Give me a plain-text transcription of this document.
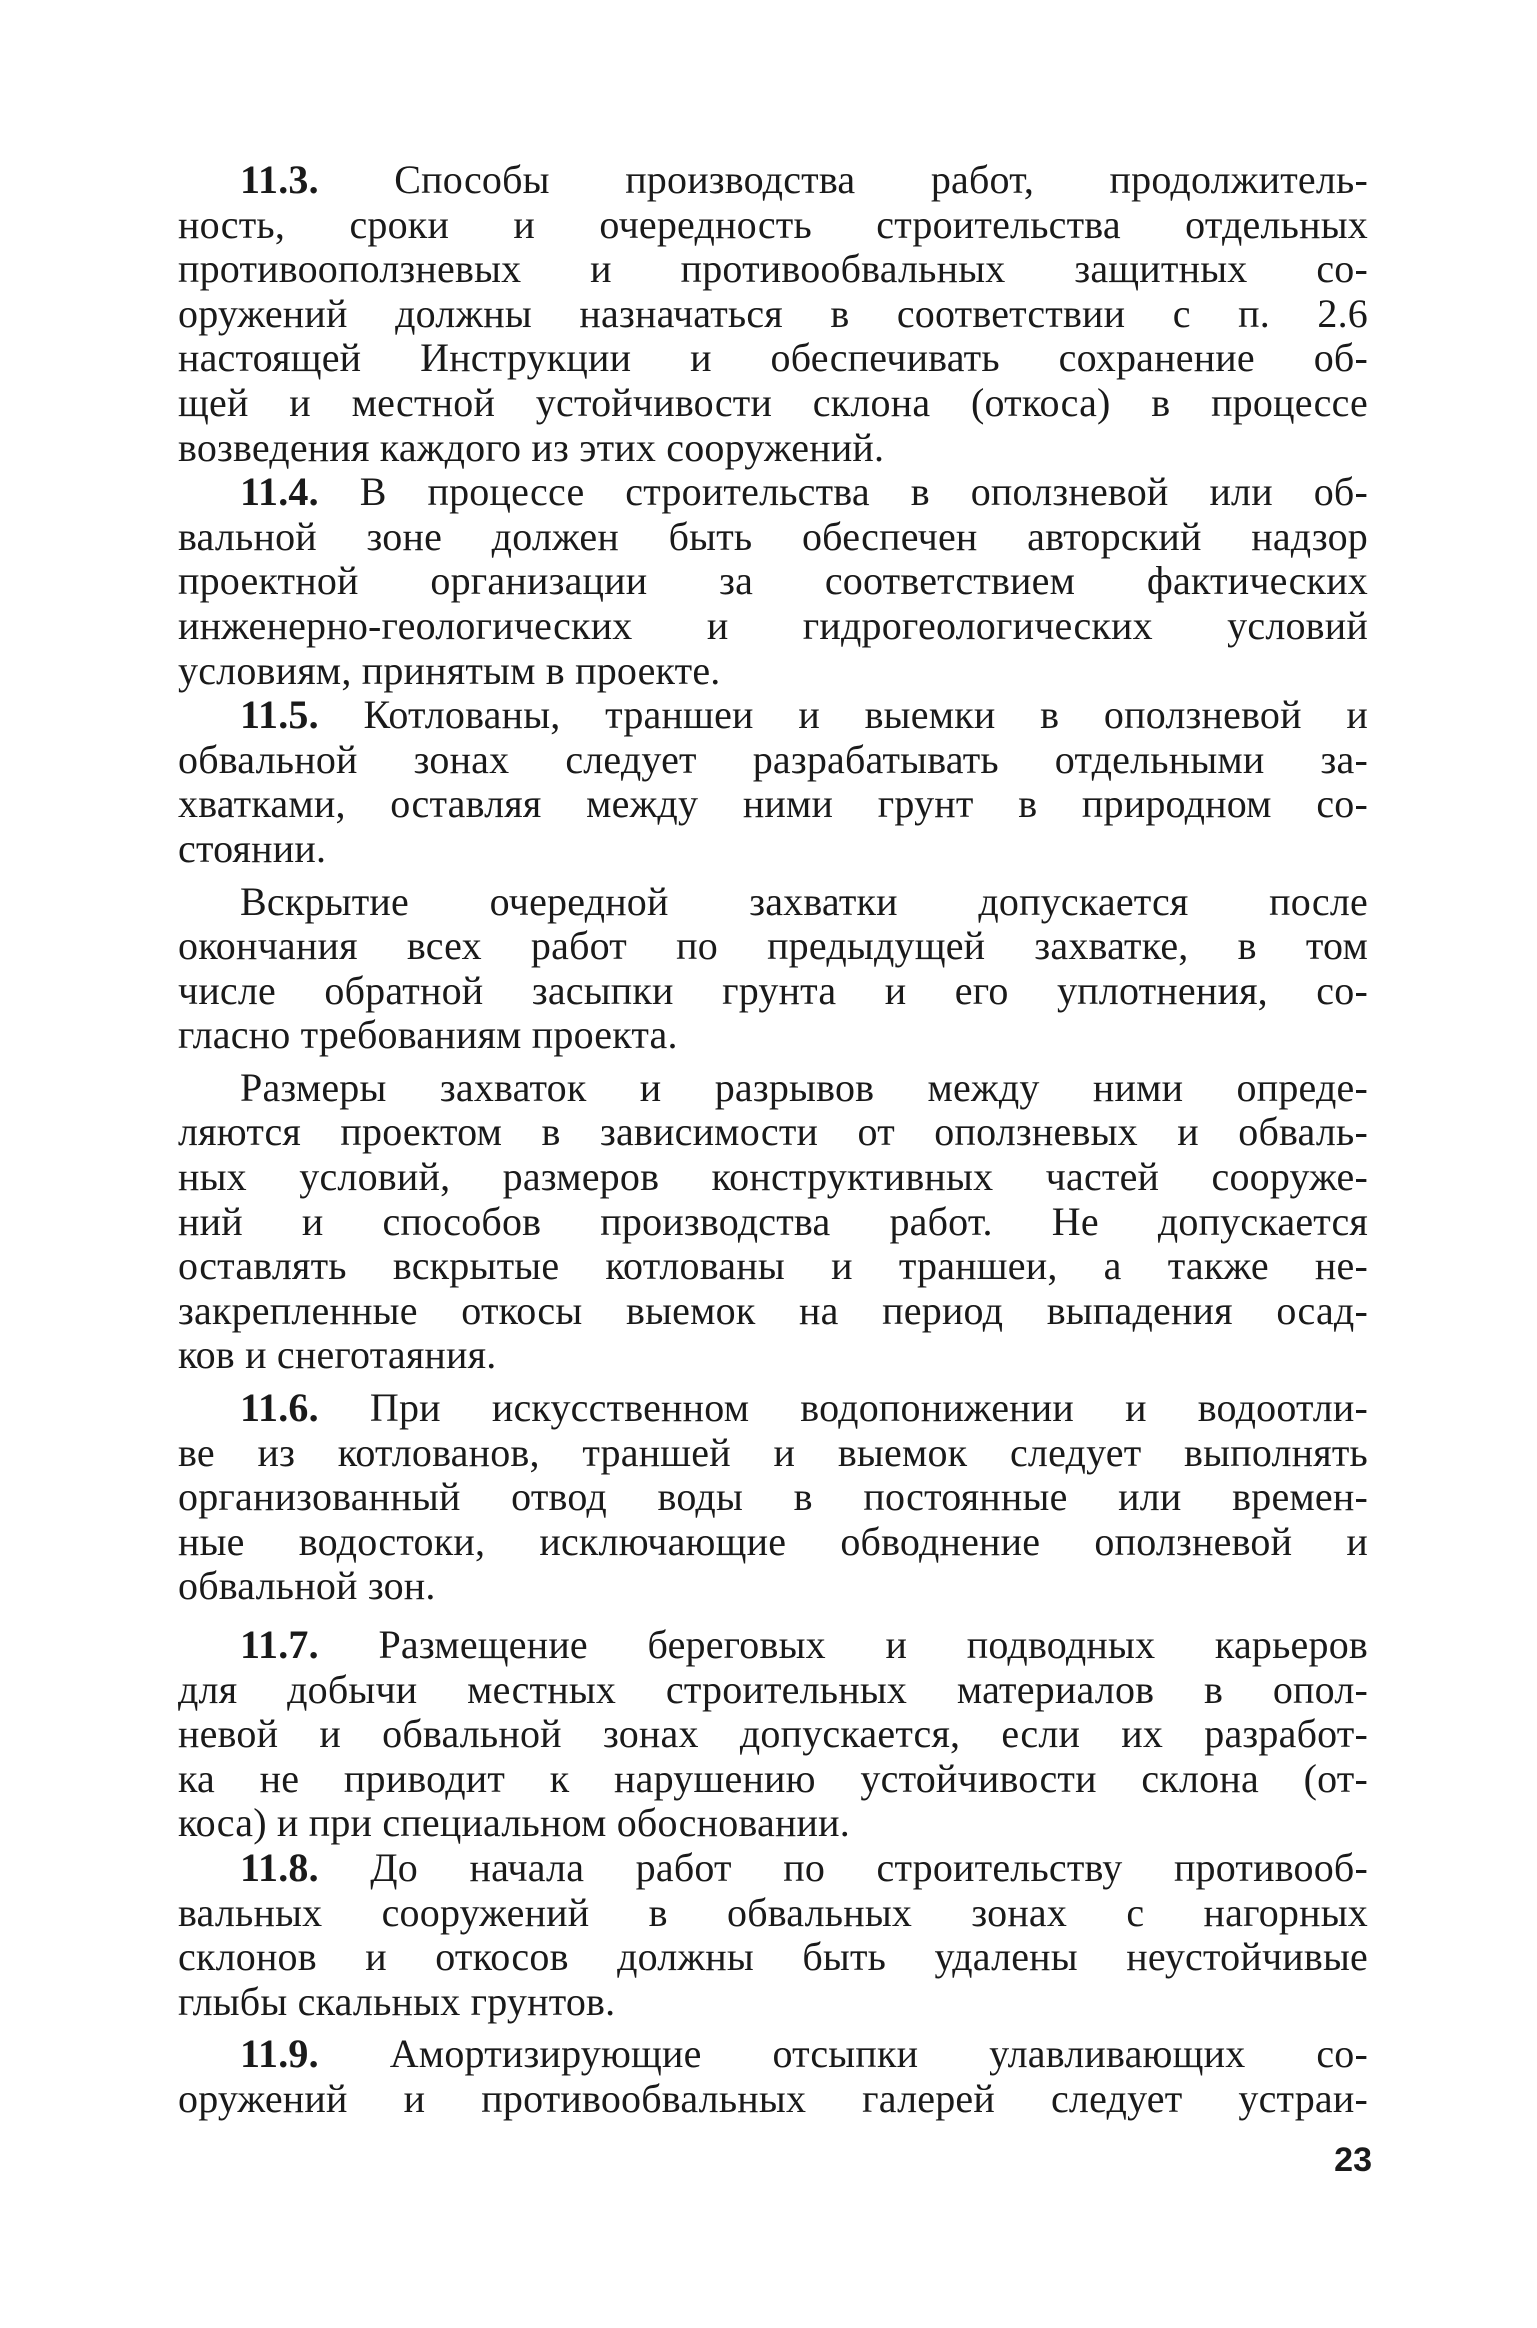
11.3. Способы производства работ, продолжитель-
ность, сроки и очередность строительства отдельных
противооползневых и противообвальных защитных со-
оружений должны назначаться в соответствии с п. 2.6
настоящей Инструкции и обеспечивать сохранение об-
щей и местной устойчивости склона (откоса) в процессе
возведения каждого из этих сооружений.
11.4. В процессе строительства в оползневой или об-
вальной зоне должен быть обеспечен авторский надзор
проектной организации за соответствием фактических
инженерно-геологических и гидрогеологических условий
условиям, принятым в проекте.
11.5. Котлованы, траншеи и выемки в оползневой и
обвальной зонах следует разрабатывать отдельными за-
хватками, оставляя между ними грунт в природном со-
стоянии.
Вскрытие очередной захватки допускается после
окончания всех работ по предыдущей захватке, в том
числе обратной засыпки грунта и его уплотнения, со-
гласно требованиям проекта.
Размеры захваток и разрывов между ними опреде-
ляются проектом в зависимости от оползневых и обваль-
ных условий, размеров конструктивных частей сооруже-
ний и способов производства работ. Не допускается
оставлять вскрытые котлованы и траншеи, а также не-
закрепленные откосы выемок на период выпадения осад-
ков и снеготаяния.
11.6. При искусственном водопонижении и водоотли-
ве из котлованов, траншей и выемок следует выполнять
организованный отвод воды в постоянные или времен-
ные водостоки, исключающие обводнение оползневой и
обвальной зон.
11.7. Размещение береговых и подводных карьеров
для добычи местных строительных материалов в опол-
невой и обвальной зонах допускается, если их разработ-
ка не приводит к нарушению устойчивости склона (от-
коса) и при специальном обосновании.
11.8. До начала работ по строительству противооб-
вальных сооружений в обвальных зонах с нагорных
склонов и откосов должны быть удалены неустойчивые
глыбы скальных грунтов.
11.9. Амортизирующие отсыпки улавливающих со-
оружений и противообвальных галерей следует устраи-
23
